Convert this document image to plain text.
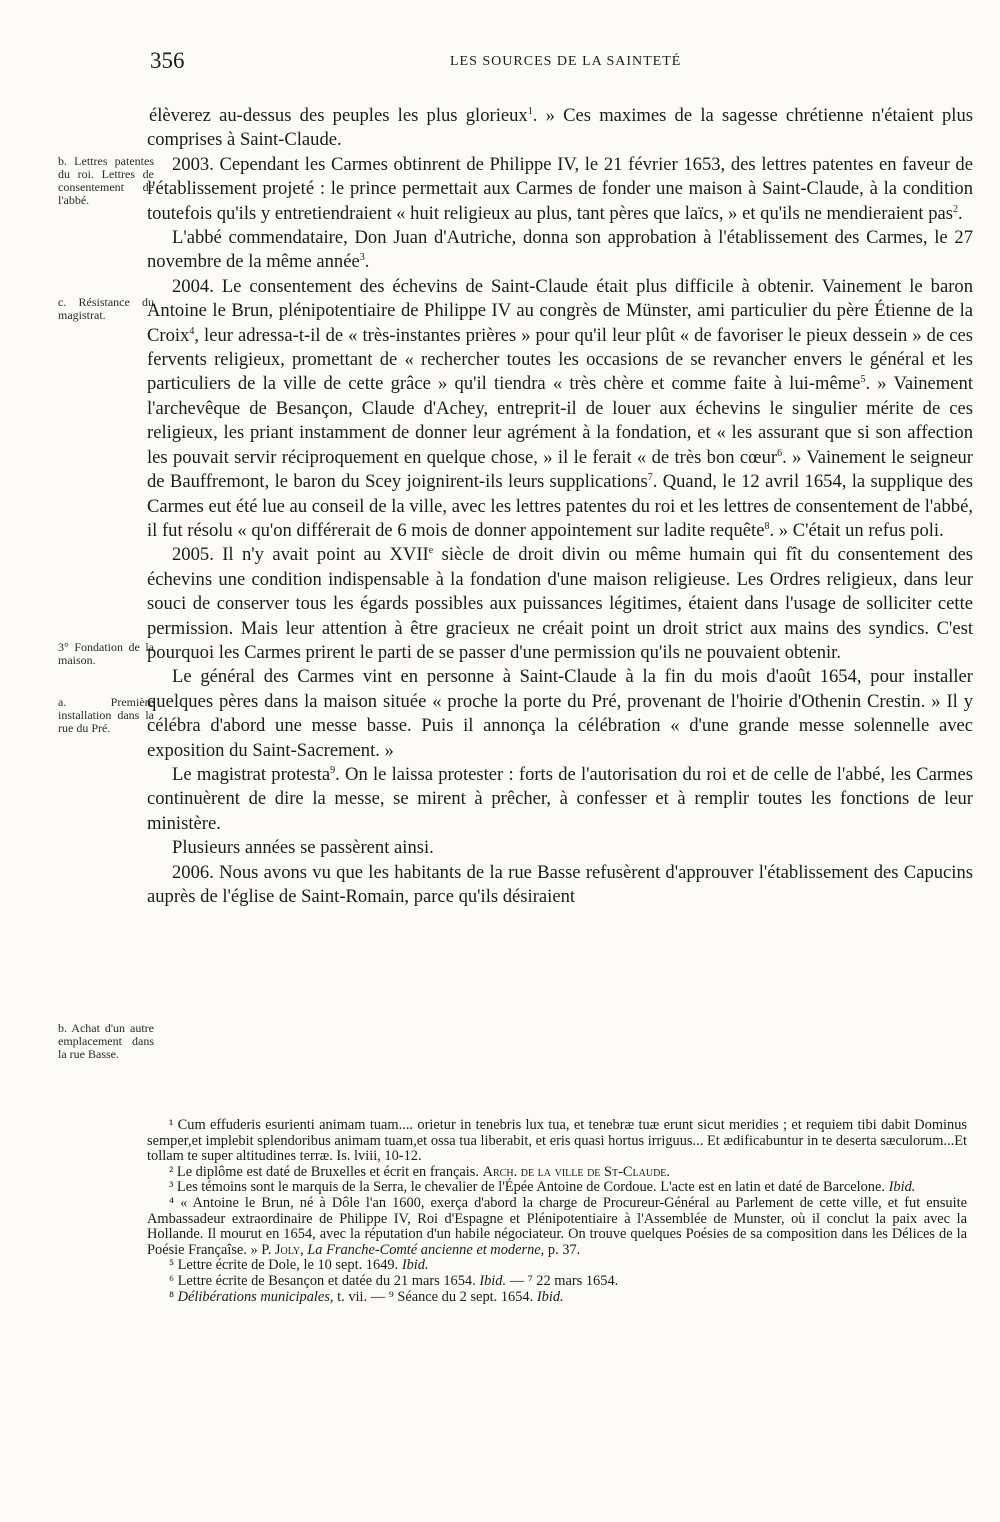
356	LES SOURCES DE LA SAINTETÉ
b. Lettres patentes du roi. Lettres de consentement de l'abbé.
c. Résistance du magistrat.
3° Fondation de la maison.
a. Première installation dans la rue du Pré.
b. Achat d'un autre emplacement dans la rue Basse.

élèverez au-dessus des peuples les plus glorieux$^1$. » Ces maximes de la sagesse chrétienne n'étaient plus comprises à Saint-Claude.

2003. Cependant les Carmes obtinrent de Philippe IV, le 21 février 1653, des lettres patentes en faveur de l'établissement projeté : le prince permettait aux Carmes de fonder une maison à Saint-Claude, à la condition toutefois qu'ils y entretiendraient « huit religieux au plus, tant pères que laïcs, » et qu'ils ne mendieraient pas$^2$.

L'abbé commendataire, Don Juan d'Autriche, donna son approbation à l'établissement des Carmes, le 27 novembre de la même année$^3$.

2004. Le consentement des échevins de Saint-Claude était plus difficile à obtenir. Vainement le baron Antoine le Brun, plénipotentiaire de Philippe IV au congrès de Münster, ami particulier du père Étienne de la Croix$^4$, leur adressa-t-il de « très-instantes prières » pour qu'il leur plût « de favoriser le pieux dessein » de ces fervents religieux, promettant de « rechercher toutes les occasions de se revancher envers le général et les particuliers de la ville de cette grâce » qu'il tiendra « très chère et comme faite à lui-même$^5$. » Vainement l'archevêque de Besançon, Claude d'Achey, entreprit-il de louer aux échevins le singulier mérite de ces religieux, les priant instamment de donner leur agrément à la fondation, et « les assurant que si son affection les pouvait servir réciproquement en quelque chose, » il le ferait « de très bon cœur$^6$. » Vainement le seigneur de Bauffremont, le baron du Scey joignirent-ils leurs supplications$^7$. Quand, le 12 avril 1654, la supplique des Carmes eut été lue au conseil de la ville, avec les lettres patentes du roi et les lettres de consentement de l'abbé, il fut résolu « qu'on différerait de 6 mois de donner appointement sur ladite requête$^8$. » C'était un refus poli.

2005. Il n'y avait point au XVIIe siècle de droit divin ou même humain qui fît du consentement des échevins une condition indispensable à la fondation d'une maison religieuse. Les Ordres religieux, dans leur souci de conserver tous les égards possibles aux puissances légitimes, étaient dans l'usage de solliciter cette permission. Mais leur attention à être gracieux ne créait point un droit strict aux mains des syndics. C'est pourquoi les Carmes prirent le parti de se passer d'une permission qu'ils ne pouvaient obtenir.

Le général des Carmes vint en personne à Saint-Claude à la fin du mois d'août 1654, pour installer quelques pères dans la maison située « proche la porte du Pré, provenant de l'hoirie d'Othenin Crestin. » Il y célébra d'abord une messe basse. Puis il annonça la célébration « d'une grande messe solennelle avec exposition du Saint-Sacrement. »

Le magistrat protesta$^9$. On le laissa protester : forts de l'autorisation du roi et de celle de l'abbé, les Carmes continuèrent de dire la messe, se mirent à prêcher, à confesser et à remplir toutes les fonctions de leur ministère.

Plusieurs années se passèrent ainsi.

2006. Nous avons vu que les habitants de la rue Basse refusèrent d'approuver l'établissement des Capucins auprès de l'église de Saint-Romain, parce qu'ils désiraient

¹ Cum effuderis esurienti animam tuam.... orietur in tenebris lux tua, et tenebræ tuæ erunt sicut meridies ; et requiem tibi dabit Dominus semper,et implebit splendoribus animam tuam,et ossa tua liberabit, et eris quasi hortus irriguus... Et ædificabuntur in te deserta sæculorum...Et tollam te super altitudines terræ. Is. lviii, 10-12.

² Le diplôme est daté de Bruxelles et écrit en français. Arch. de la ville de St-Claude.

³ Les témoins sont le marquis de la Serra, le chevalier de l'Épée Antoine de Cordoue. L'acte est en latin et daté de Barcelone. Ibid.

⁴ « Antoine le Brun, né à Dôle l'an 1600, exerça d'abord la charge de Procureur-Général au Parlement de cette ville, et fut ensuite Ambassadeur extraordinaire de Philippe IV, Roi d'Espagne et Plénipotentiaire à l'Assemblée de Munster, où il conclut la paix avec la Hollande. Il mourut en 1654, avec la réputation d'un habile négociateur. On trouve quelques Poésies de sa composition dans les Délices de la Poésie Françaîse. » P. Joly, La Franche-Comté ancienne et moderne, p. 37.

⁵ Lettre écrite de Dole, le 10 sept. 1649. Ibid.

⁶ Lettre écrite de Besançon et datée du 21 mars 1654. Ibid. — ⁷ 22 mars 1654.

⁸ Délibérations municipales, t. vii. — ⁹ Séance du 2 sept. 1654. Ibid.
